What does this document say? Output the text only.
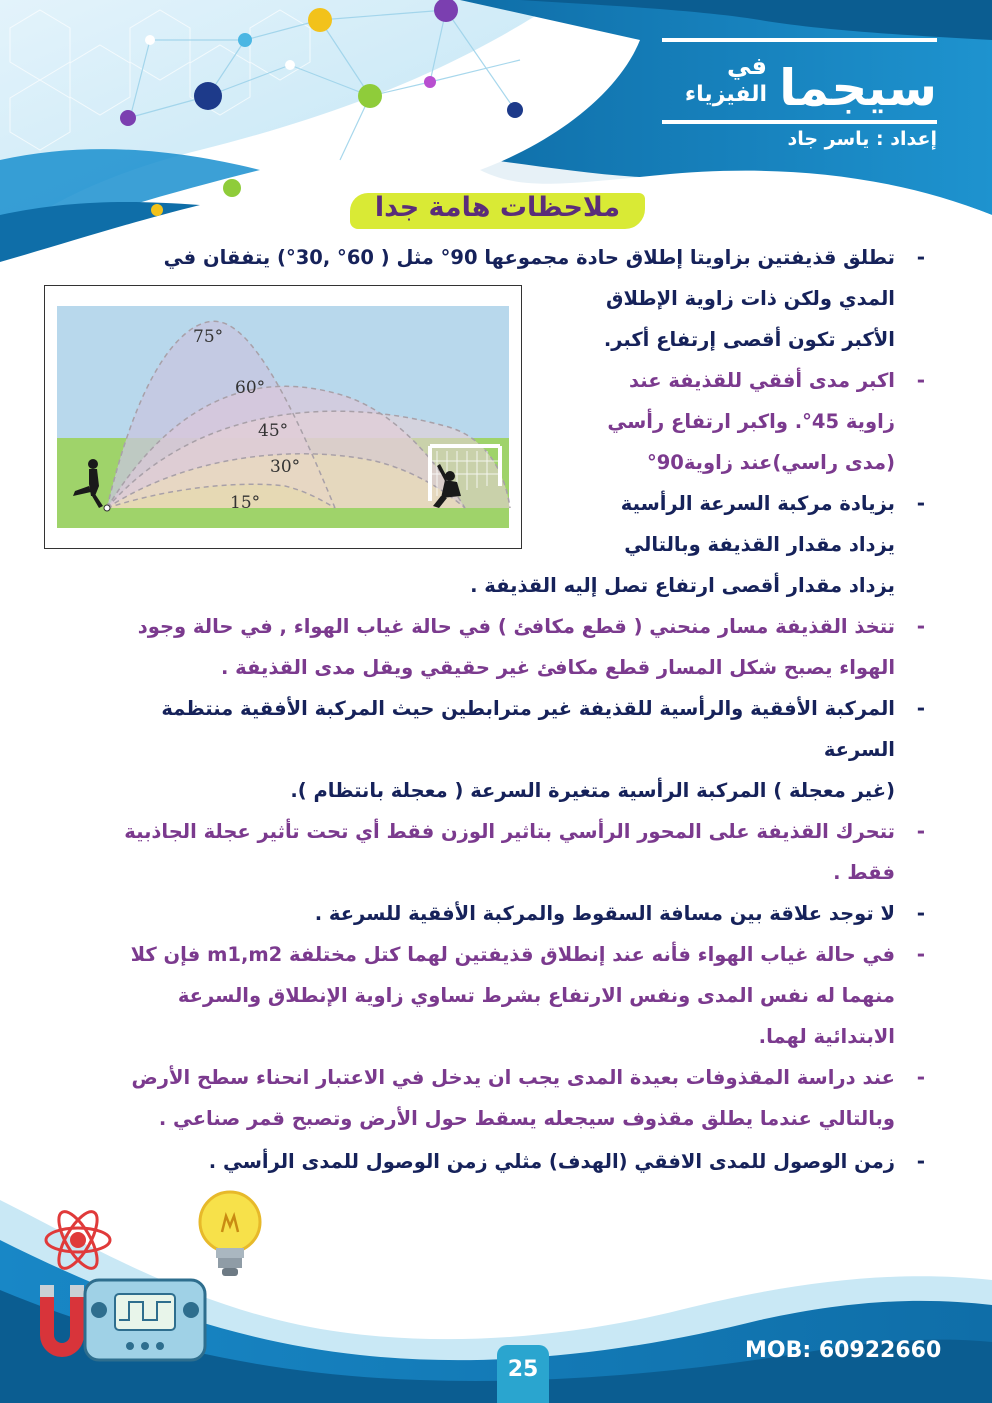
سيجما
في
الفيزياء
إعداد : ياسر جاد
ملاحظات هامة جدا
75°
60°
45°
30°
15°
-
تطلق قذيفتين بزاويتا إطلاق حادة مجموعها 90° مثل ( 60° ,30°) يتفقان في
المدي ولكن ذات زاوية الإطلاق
الأكبر تكون أقصى إرتفاع أكبر.
-
اكبر مدى أفقي للقذيفة عند
زاوية 45°. واكبر ارتفاع رأسي
(مدى راسي)عند زاوية90°
-
بزيادة مركبة السرعة الرأسية
يزداد مقدار القذيفة وبالتالي
يزداد مقدار أقصى ارتفاع تصل إليه القذيفة .
-
تتخذ القذيفة مسار منحني ( قطع مكافئ ) في حالة غياب الهواء , في حالة وجود
الهواء يصبح شكل المسار قطع مكافئ غير حقيقي ويقل مدى القذيفة .
-
المركبة الأفقية والرأسية للقذيفة غير مترابطين حيث المركبة الأفقية منتظمة
السرعة
(غير معجلة ) المركبة الرأسية متغيرة السرعة ( معجلة بانتظام ).
-
تتحرك القذيفة على المحور الرأسي بتاثير الوزن فقط أي تحت تأثير عجلة الجاذبية
فقط .
-
لا توجد علاقة بين مسافة السقوط والمركبة الأفقية للسرعة .
-
في حالة غياب الهواء فأنه عند إنطلاق قذيفتين لهما كتل مختلفة m1,m2 فإن كلا
منهما له نفس المدى ونفس الارتفاع بشرط تساوي زاوية الإنطلاق والسرعة
الابتدائية لهما.
-
عند دراسة المقذوفات بعيدة المدى يجب ان يدخل في الاعتبار انحناء سطح الأرض
وبالتالي عندما يطلق مقذوف سيجعله يسقط حول الأرض وتصبح قمر صناعي .
-
زمن الوصول للمدى الافقي (الهدف) مثلي زمن الوصول للمدى الرأسي .
25
MOB: 60922660
